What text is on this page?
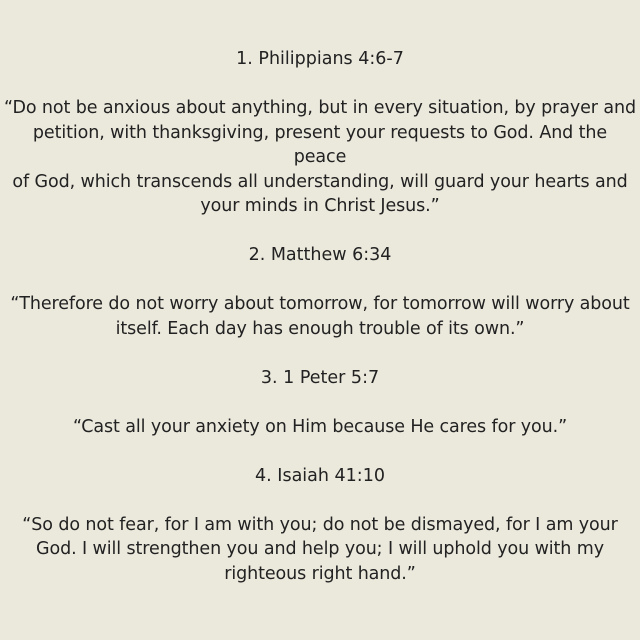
1. Philippians 4:6-7

“Do not be anxious about anything, but in every situation, by prayer and

petition, with thanksgiving, present your requests to God. And the peace

of God, which transcends all understanding, will guard your hearts and

your minds in Christ Jesus.”

2. Matthew 6:34

“Therefore do not worry about tomorrow, for tomorrow will worry about

itself. Each day has enough trouble of its own.”

3. 1 Peter 5:7

“Cast all your anxiety on Him because He cares for you.”

4. Isaiah 41:10

“So do not fear, for I am with you; do not be dismayed, for I am your

God. I will strengthen you and help you; I will uphold you with my

righteous right hand.”
